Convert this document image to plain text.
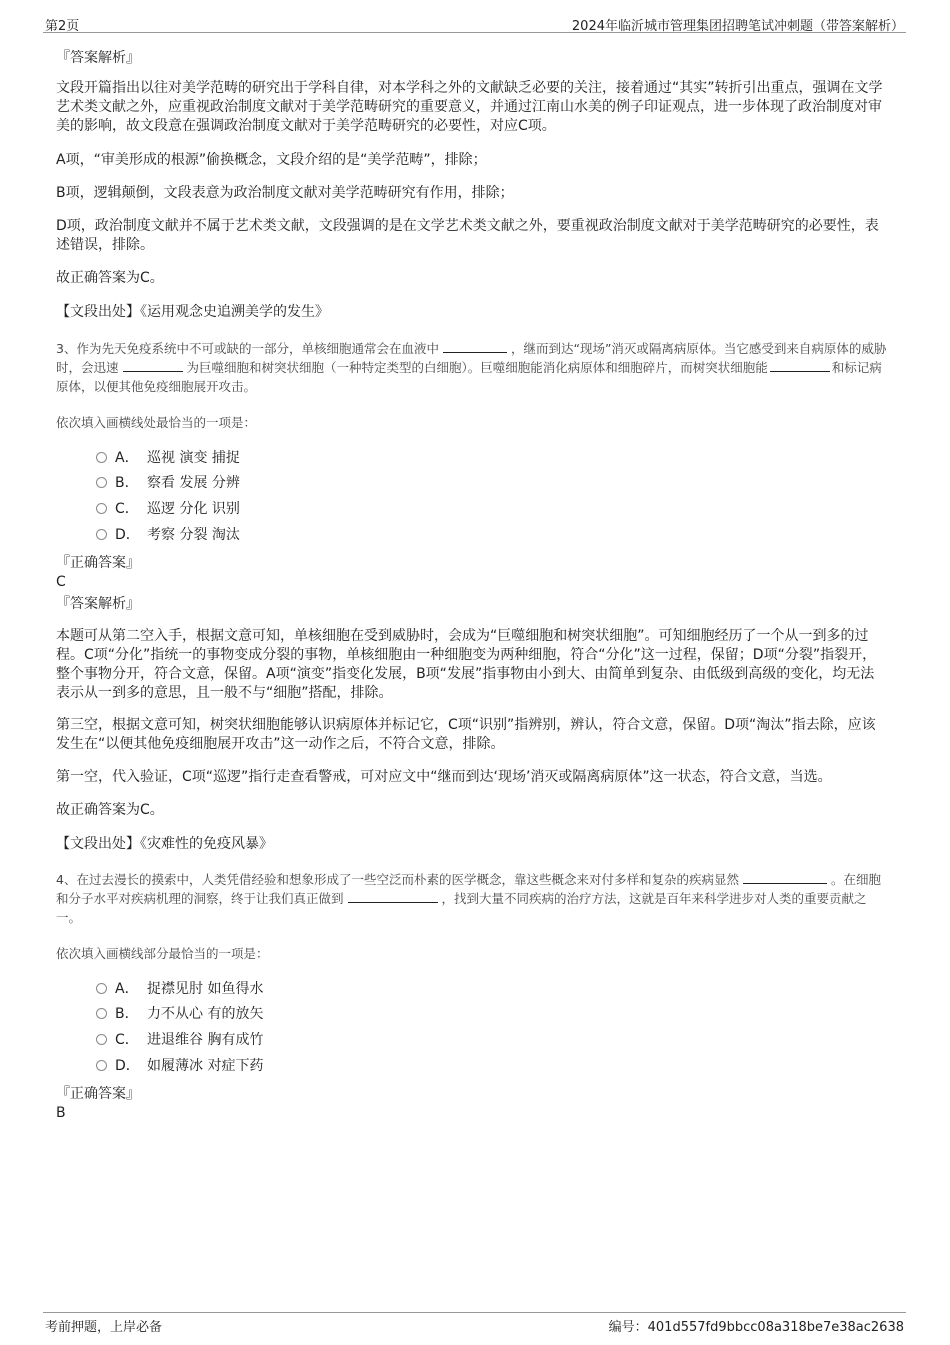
第2页	2024年临沂城市管理集团招聘笔试冲刺题（带答案解析）
『答案解析』
文段开篇指出以往对美学范畴的研究出于学科自律，对本学科之外的文献缺乏必要的关注，接着通过“其实”转折引出重点，强调在文学艺术类文献之外，应重视政治制度文献对于美学范畴研究的重要意义，并通过江南山水美的例子印证观点，进一步体现了政治制度对审美的影响，故文段意在强调政治制度文献对于美学范畴研究的必要性，对应C项。
A项，“审美形成的根源”偷换概念，文段介绍的是“美学范畴”，排除；
B项，逻辑颠倒，文段表意为政治制度文献对美学范畴研究有作用，排除；
D项，政治制度文献并不属于艺术类文献，文段强调的是在文学艺术类文献之外，要重视政治制度文献对于美学范畴研究的必要性，表述错误，排除。
故正确答案为C。
【文段出处】《运用观念史追溯美学的发生》
3、作为先天免疫系统中不可或缺的一部分，单核细胞通常会在血液中	，继而到达“现场”消灭或隔离病原体。当它感受到来自病原体的威胁时，会迅速	为巨噬细胞和树突状细胞（一种特定类型的白细胞）。巨噬细胞能消化病原体和细胞碎片，而树突状细胞能	和标记病原体，以便其他免疫细胞展开攻击。
依次填入画横线处最恰当的一项是：
A． 巡视 演变 捕捉
B． 察看 发展 分辨
C． 巡逻 分化 识别
D． 考察 分裂 淘汰
『正确答案』
C
『答案解析』
本题可从第二空入手，根据文意可知，单核细胞在受到威胁时，会成为“巨噬细胞和树突状细胞”。可知细胞经历了一个从一到多的过程。C项“分化”指统一的事物变成分裂的事物，单核细胞由一种细胞变为两种细胞，符合“分化”这一过程，保留；D项“分裂”指裂开，整个事物分开，符合文意，保留。A项“演变”指变化发展，B项“发展”指事物由小到大、由简单到复杂、由低级到高级的变化，均无法表示从一到多的意思，且一般不与“细胞”搭配，排除。
第三空，根据文意可知，树突状细胞能够认识病原体并标记它，C项“识别”指辨别，辨认，符合文意，保留。D项“淘汰”指去除，应该发生在“以便其他免疫细胞展开攻击”这一动作之后，不符合文意，排除。
第一空，代入验证，C项“巡逻”指行走查看警戒，可对应文中“继而到达‘现场’消灭或隔离病原体”这一状态，符合文意，当选。
故正确答案为C。
【文段出处】《灾难性的免疫风暴》
4、在过去漫长的摸索中，人类凭借经验和想象形成了一些空泛而朴素的医学概念，靠这些概念来对付多样和复杂的疾病显然	。在细胞和分子水平对疾病机理的洞察，终于让我们真正做到	，找到大量不同疾病的治疗方法，这就是百年来科学进步对人类的重要贡献之一。
依次填入画横线部分最恰当的一项是：
A． 捉襟见肘 如鱼得水
B． 力不从心 有的放矢
C． 进退维谷 胸有成竹
D． 如履薄冰 对症下药
『正确答案』
B
考前押题，上岸必备	编号：401d557fd9bbcc08a318be7e38ac2638
